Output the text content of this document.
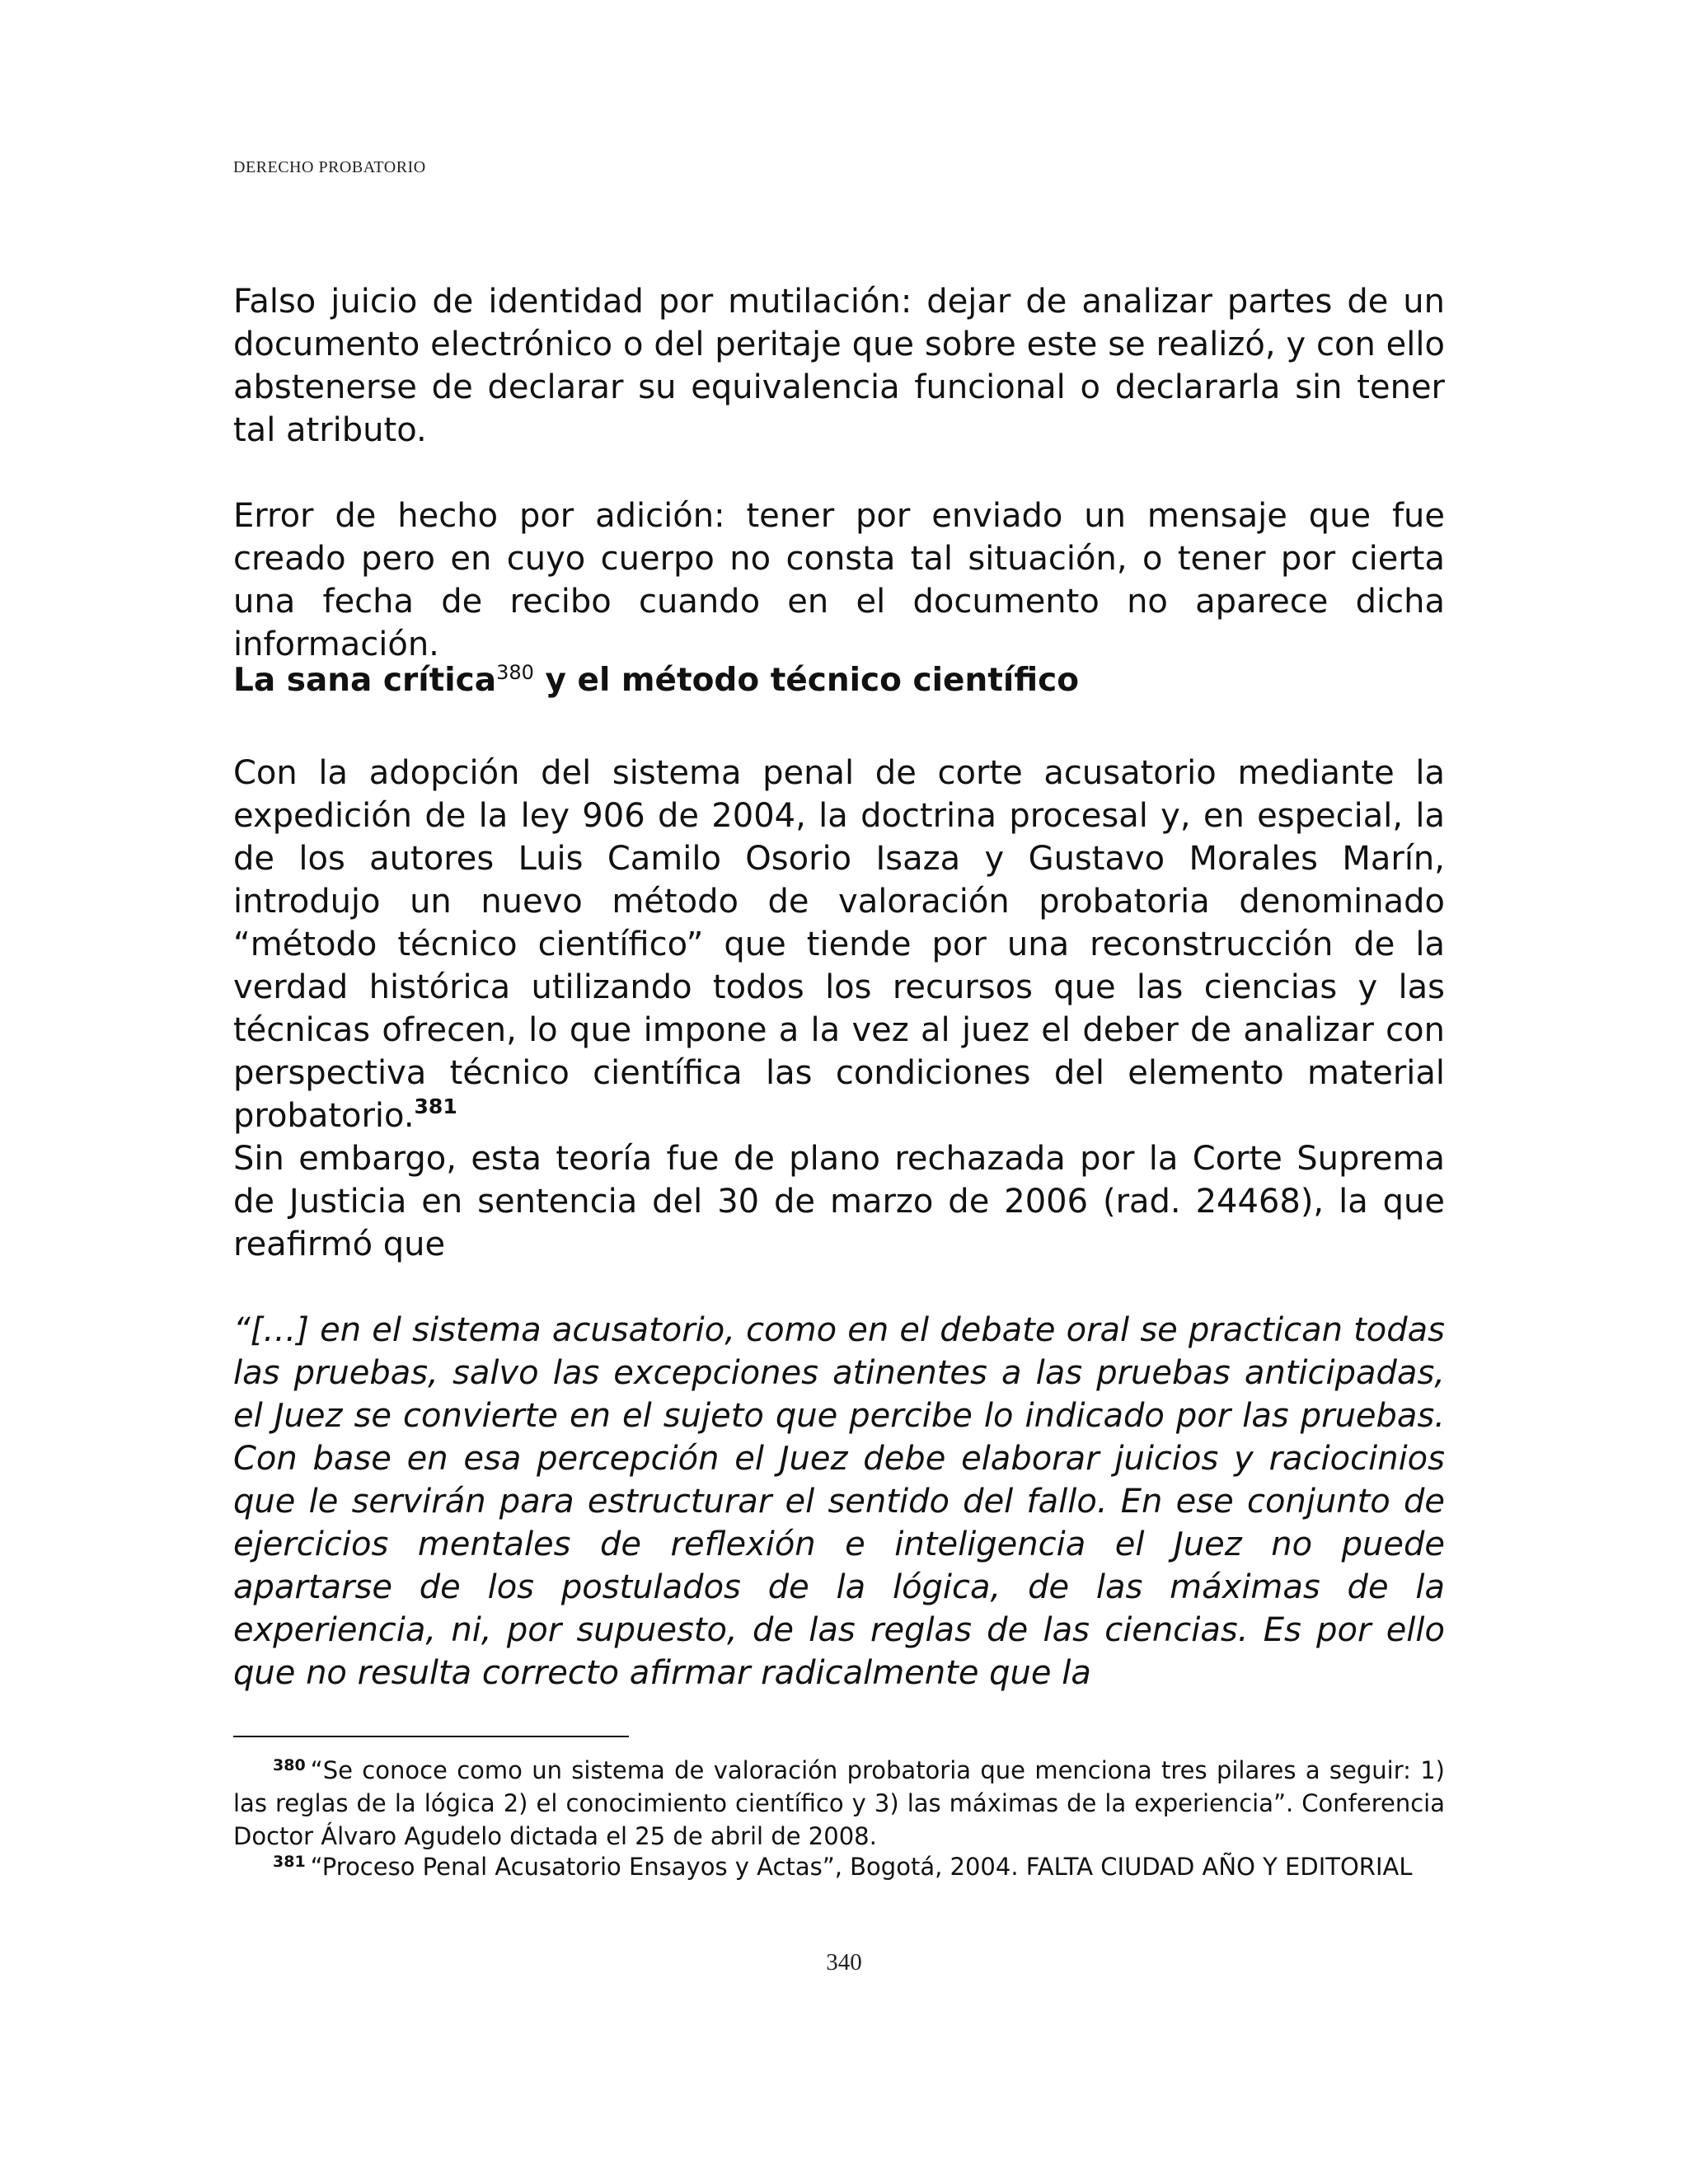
DERECHO PROBATORIO

Falso juicio de identidad por mutilación: dejar de analizar partes de un documento electrónico o del peritaje que sobre este se realizó, y con ello abstenerse de declarar su equivalencia funcional o declararla sin tener tal atributo.

Error de hecho por adición: tener por enviado un mensaje que fue creado pero en cuyo cuerpo no consta tal situación, o tener por cierta una fecha de recibo cuando en el documento no aparece dicha información.

La sana crítica$^{380}$ y el método técnico científico

Con la adopción del sistema penal de corte acusatorio mediante la expedición de la ley 906 de 2004, la doctrina procesal y, en especial, la de los autores Luis Camilo Osorio Isaza y Gustavo Morales Marín, introdujo un nuevo método de valoración probatoria denominado “método técnico científico” que tiende por una reconstrucción de la verdad histórica utilizando todos los recursos que las ciencias y las técnicas ofrecen, lo que impone a la vez al juez el deber de analizar con perspectiva técnico científica las condiciones del elemento material probatorio.$^{381}$

Sin embargo, esta teoría fue de plano rechazada por la Corte Suprema de Justicia en sentencia del 30 de marzo de 2006 (rad. 24468), la que reafirmó que

“[…] en el sistema acusatorio, como en el debate oral se practican todas las pruebas, salvo las excepciones atinentes a las pruebas anticipadas, el Juez se convierte en el sujeto que percibe lo indicado por las pruebas. Con base en esa percepción el Juez debe elaborar juicios y raciocinios que le servirán para estructurar el sentido del fallo. En ese conjunto de ejercicios mentales de reflexión e inteligencia el Juez no puede apartarse de los postulados de la lógica, de las máximas de la experiencia, ni, por supuesto, de las reglas de las ciencias. Es por ello que no resulta correcto afirmar radicalmente que la

$^{380}$ “Se conoce como un sistema de valoración probatoria que menciona tres pilares a seguir: 1) las reglas de la lógica 2) el conocimiento científico y 3) las máximas de la experiencia”. Conferencia Doctor Álvaro Agudelo dictada el 25 de abril de 2008.

$^{381}$ “Proceso Penal Acusatorio Ensayos y Actas”, Bogotá, 2004. FALTA CIUDAD AÑO Y EDITORIAL

340
